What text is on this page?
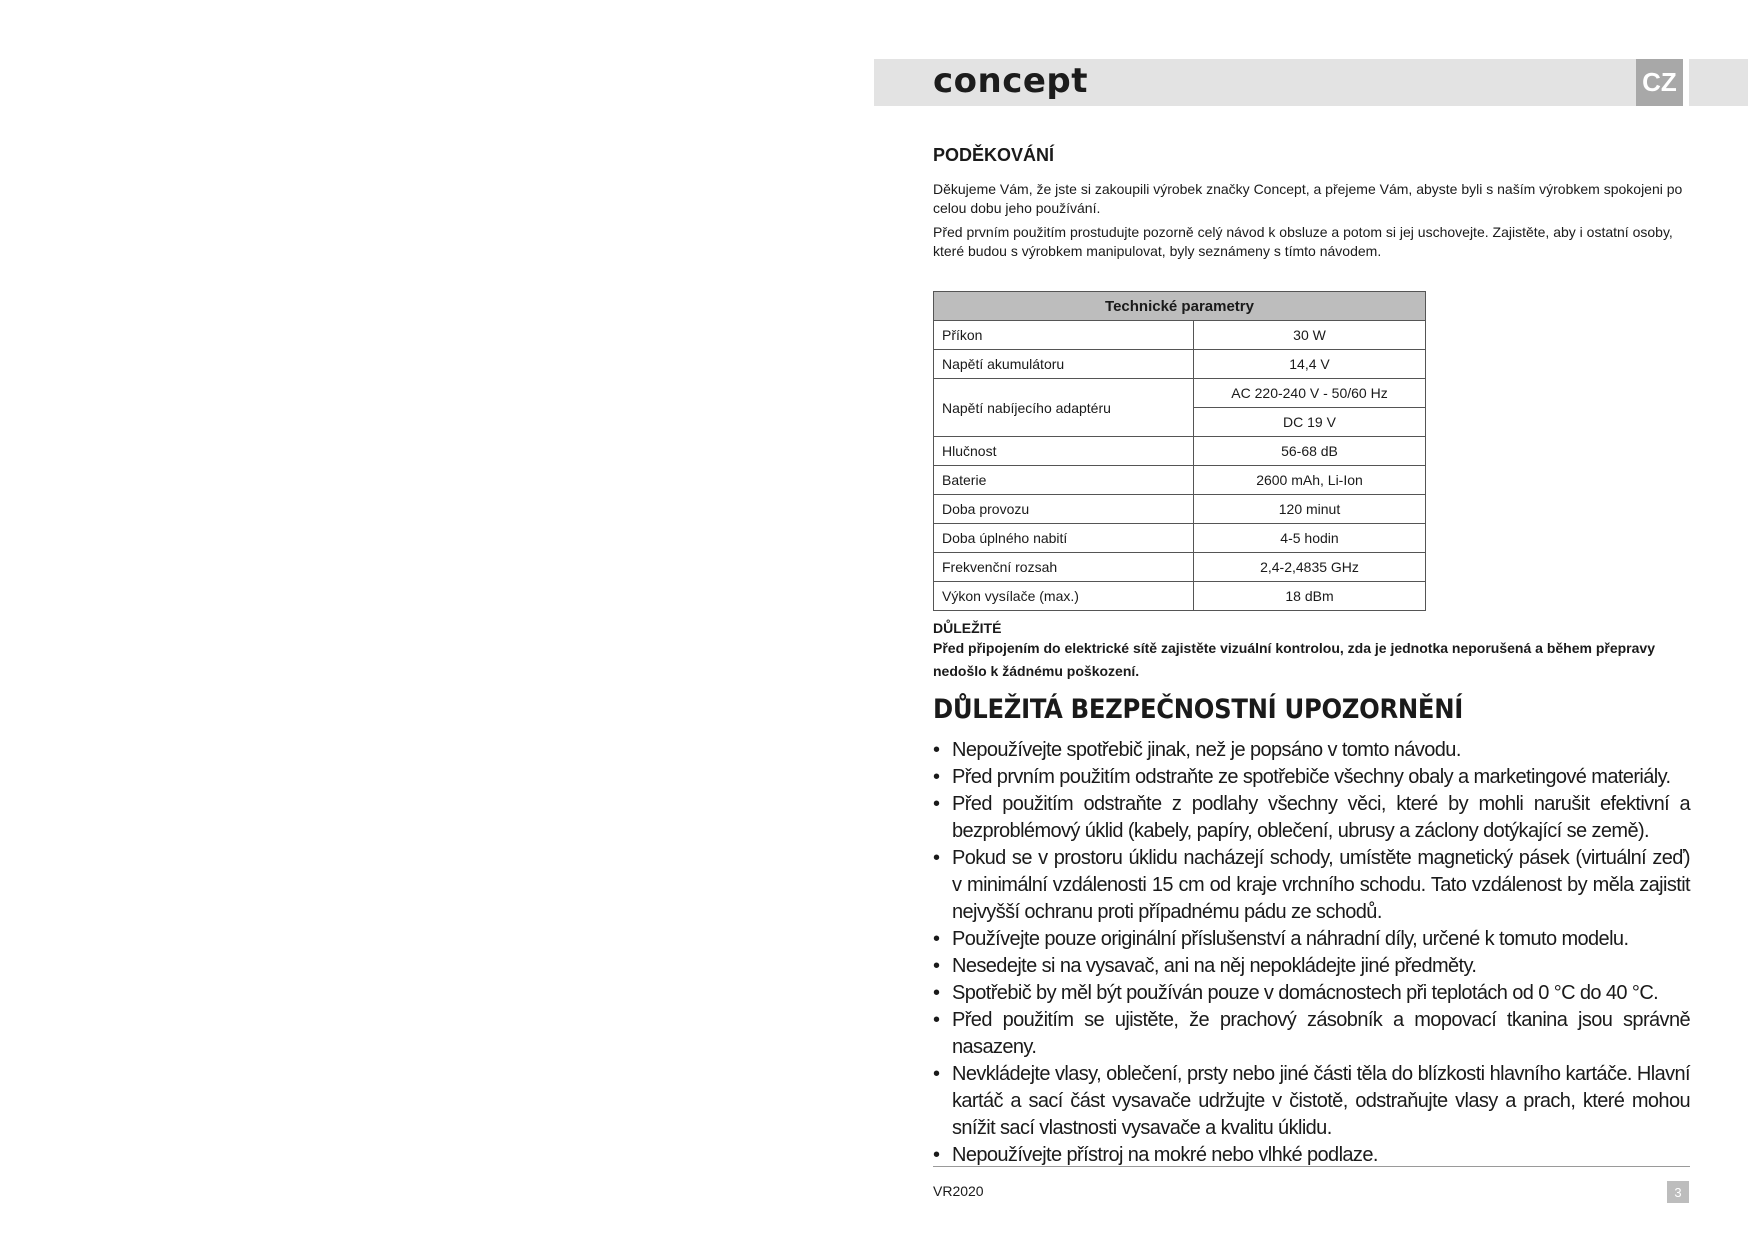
concept	CZ
PODĚKOVÁNÍ

Děkujeme Vám, že jste si zakoupili výrobek značky Concept, a přejeme Vám, abyste byli s naším výrobkem spokojeni po celou dobu jeho používání.

Před prvním použitím prostudujte pozorně celý návod k obsluze a potom si jej uschovejte. Zajistěte, aby i ostatní osoby, které budou s výrobkem manipulovat, byly seznámeny s tímto návodem.

Technické parametry	
Příkon	30 W
Napětí akumulátoru	14,4 V
Napětí nabíjecího adaptéru	AC 220-240 V - 50/60 Hz
	DC 19 V
Hlučnost	56-68 dB
Baterie	2600 mAh, Li-Ion
Doba provozu	120 minut
Doba úplného nabití	4-5 hodin
Frekvenční rozsah	2,4-2,4835 GHz
Výkon vysílače (max.)	18 dBm

DŮLEŽITÉ

Před připojením do elektrické sítě zajistěte vizuální kontrolou, zda je jednotka neporušená a během přepravy nedošlo k žádnému poškození.

DŮLEŽITÁ BEZPEČNOSTNÍ UPOZORNĚNÍ
• Nepoužívejte spotřebič jinak, než je popsáno v tomto návodu.
• Před prvním použitím odstraňte ze spotřebiče všechny obaly a marketingové materiály.
• Před použitím odstraňte z podlahy všechny věci, které by mohli narušit efektivní a bezproblémový úklid (kabely, papíry, oblečení, ubrusy a záclony dotýkající se země).
• Pokud se v prostoru úklidu nacházejí schody, umístěte magnetický pásek (virtuální zeď) v minimální vzdálenosti 15 cm od kraje vrchního schodu. Tato vzdálenost by měla zajistit nejvyšší ochranu proti případnému pádu ze schodů.
• Používejte pouze originální příslušenství a náhradní díly, určené k tomuto modelu.
• Nesedejte si na vysavač, ani na něj nepokládejte jiné předměty.
• Spotřebič by měl být používán pouze v domácnostech při teplotách od 0 °C do 40 °C.
• Před použitím se ujistěte, že prachový zásobník a mopovací tkanina jsou správně nasazeny.
• Nevkládejte vlasy, oblečení, prsty nebo jiné části těla do blízkosti hlavního kartáče. Hlavní kartáč a sací část vysavače udržujte v čistotě, odstraňujte vlasy a prach, které mohou snížit sací vlastnosti vysavače a kvalitu úklidu.
• Nepoužívejte přístroj na mokré nebo vlhké podlaze.
VR2020	3
